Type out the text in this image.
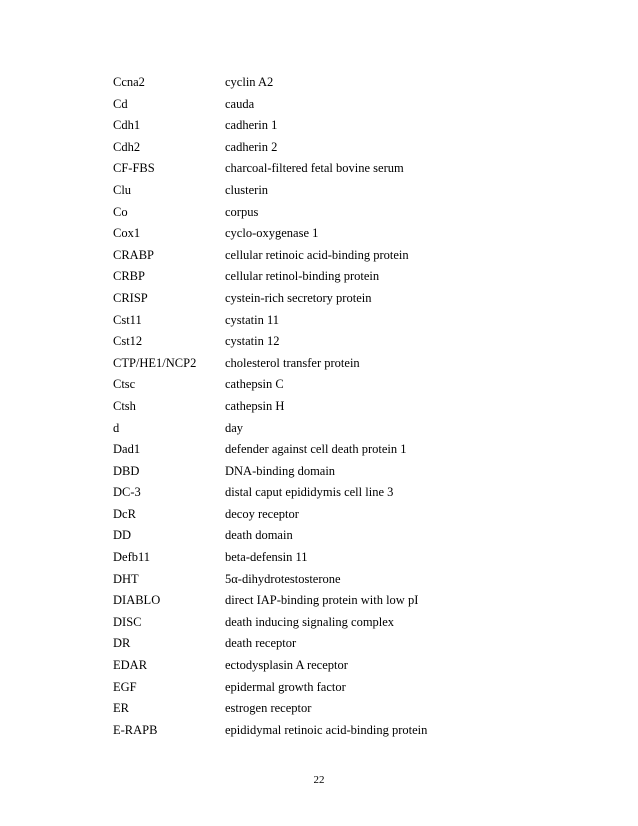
Ccna2	cyclin A2
Cd	cauda
Cdh1	cadherin 1
Cdh2	cadherin 2
CF-FBS	charcoal-filtered fetal bovine serum
Clu	clusterin
Co	corpus
Cox1	cyclo-oxygenase 1
CRABP	cellular retinoic acid-binding protein
CRBP	cellular retinol-binding protein
CRISP	cystein-rich secretory protein
Cst11	cystatin 11
Cst12	cystatin 12
CTP/HE1/NCP2	cholesterol transfer protein
Ctsc	cathepsin C
Ctsh	cathepsin H
d	day
Dad1	defender against cell death protein 1
DBD	DNA-binding domain
DC-3	distal caput epididymis cell line 3
DcR	decoy receptor
DD	death domain
Defb11	beta-defensin 11
DHT	5α-dihydrotestosterone
DIABLO	direct IAP-binding protein with low pI
DISC	death inducing signaling complex
DR	death receptor
EDAR	ectodysplasin A receptor
EGF	epidermal growth factor
ER	estrogen receptor
E-RAPB	epididymal retinoic acid-binding protein
22
